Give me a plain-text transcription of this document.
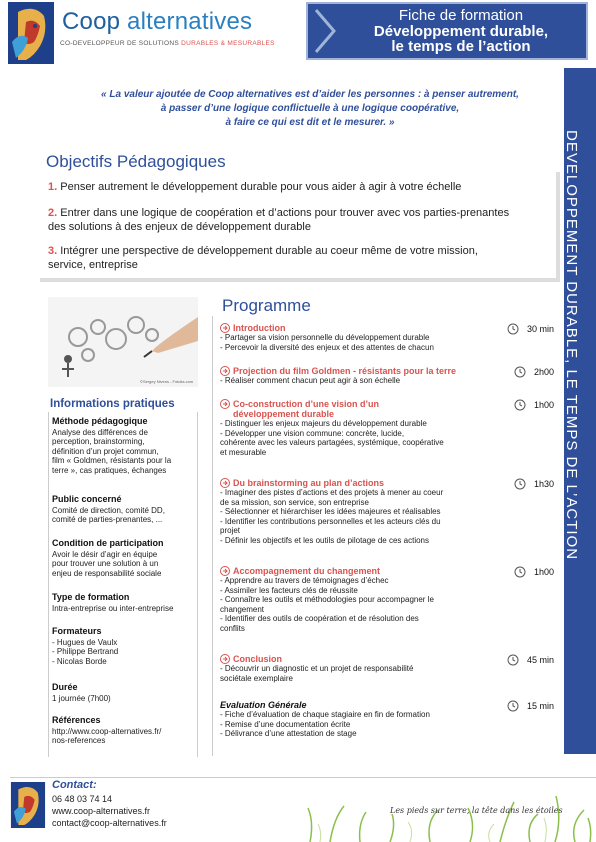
Coop alternatives
CO-DEVELOPPEUR DE SOLUTIONS DURABLES & MESURABLES
Fiche de formation
Développement durable,
le temps de l’action
DEVELOPPEMENT DURABLE, LE TEMPS DE L’ACTION
« La valeur ajoutée de Coop alternatives est d’aider les personnes : à penser autrement,
à passer d’une logique conflictuelle à une logique coopérative,
à faire ce qui est dit et le mesurer. »
Objectifs Pédagogiques
1. Penser autrement le développement durable pour vous aider à agir à votre échelle
2. Entrer dans une logique de coopération et d’actions pour trouver avec vos parties-prenantes des solutions à des enjeux de développement durable
3. Intégrer une perspective de développement durable au coeur même de votre mission, service, entreprise
©Sergey Nivens - Fotolia.com
Informations pratiques
Méthode pédagogique
Analyse des différences de
perception, brainstorming,
définition d’un projet commun,
film « Goldmen, résistants pour la
terre », cas pratiques, échanges
Public concerné
Comité de direction, comité DD,
comité de parties-prenantes, ...
Condition de participation
Avoir le désir d’agir en équipe
pour trouver une solution à un
enjeu de responsabilité sociale
Type de formation
Intra-entreprise ou inter-entreprise
Formateurs
- Hugues de Vaulx
- Philippe Bertrand
- Nicolas Borde
Durée
1 journée (7h00)
Références
http://www.coop-alternatives.fr/
nos-references
Programme
Introduction
- Partager sa vision personnelle du développement durable
- Percevoir la diversité des enjeux et des attentes de chacun
30 min
Projection du film Goldmen - résistants pour la terre
- Réaliser comment chacun peut agir à son échelle
2h00
Co-construction d’une vision d’un développement durable
- Distinguer les enjeux majeurs du développement durable
- Développer une vision commune: concrète, lucide,
cohérente avec les valeurs partagées, systémique, coopérative
et mesurable
1h00
Du brainstorming au plan d’actions
- Imaginer des pistes d’actions et des projets à mener au coeur
de sa mission, son service, son entreprise
- Sélectionner et hiérarchiser les idées majeures et réalisables
- Identifier les contributions personnelles et les acteurs clés du
projet
- Définir les objectifs et les outils de pilotage de ces actions
1h30
Accompagnement du changement
- Apprendre au travers de témoignages d’échec
- Assimiler les facteurs clés de réussite
- Connaître les outils et méthodologies pour accompagner le
changement
- Identifier des outils de coopération et de résolution des
conflits
1h00
Conclusion
- Découvrir un diagnostic et un projet de responsabilité
sociétale exemplaire
45 min
Evaluation Générale
- Fiche d’évaluation de chaque stagiaire en fin de formation
- Remise d’une documentation écrite
- Délivrance d’une attestation de stage
15 min
Contact:
06 48 03 74 14
www.coop-alternatives.fr
contact@coop-alternatives.fr
Les pieds sur terre, la tête dans les étoiles
